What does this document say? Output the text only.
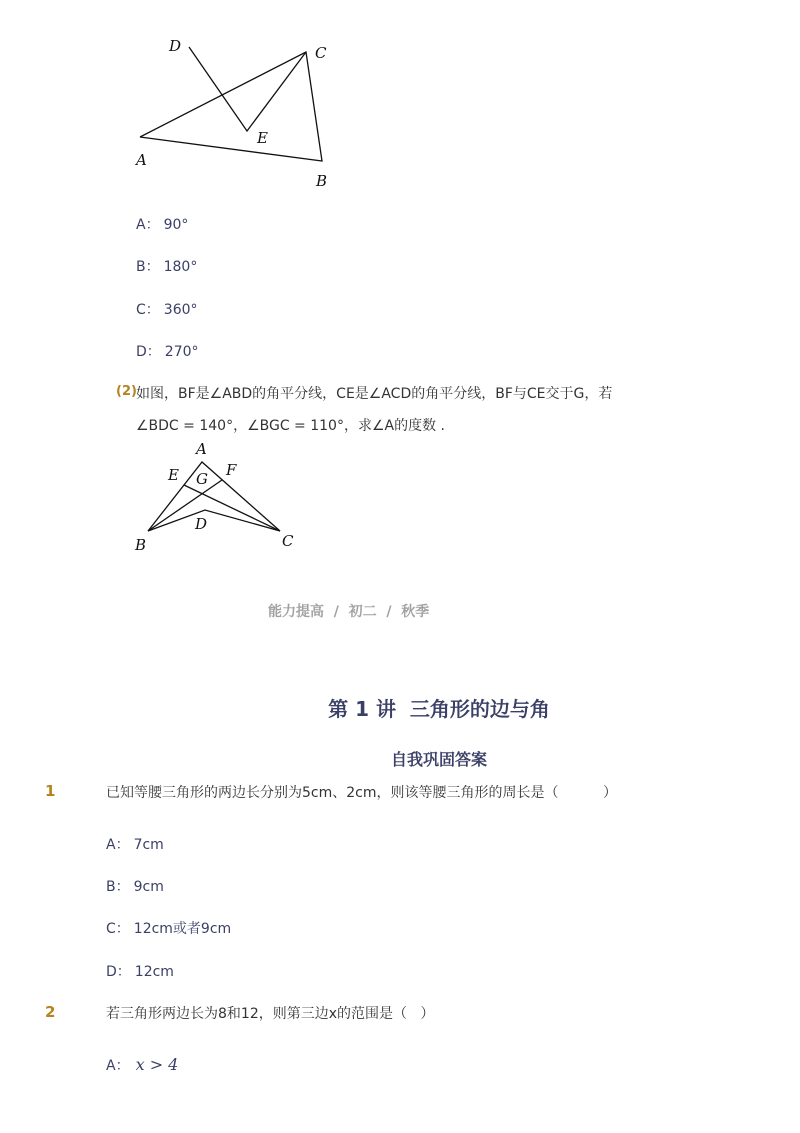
D	C
E
A
B
A： 90°
B： 180°
C： 360°
D： 270°
(2) 如图，BF是∠ABD的角平分线，CE是∠ACD的角平分线，BF与CE交于G，若
∠BDC = 140°，∠BGC = 110°，求∠A的度数 .
A
E	F
G
D
B	C
能力提高  /  初二  /  秋季
第 1 讲  三角形的边与角
自我巩固答案
1	已知等腰三角形的两边长分别为5cm、2cm，则该等腰三角形的周长是（          ）
A： 7cm
B： 9cm
C： 12cm或者9cm
D： 12cm
2	若三角形两边长为8和12，则第三边x的范围是（   ）
A： x > 4
